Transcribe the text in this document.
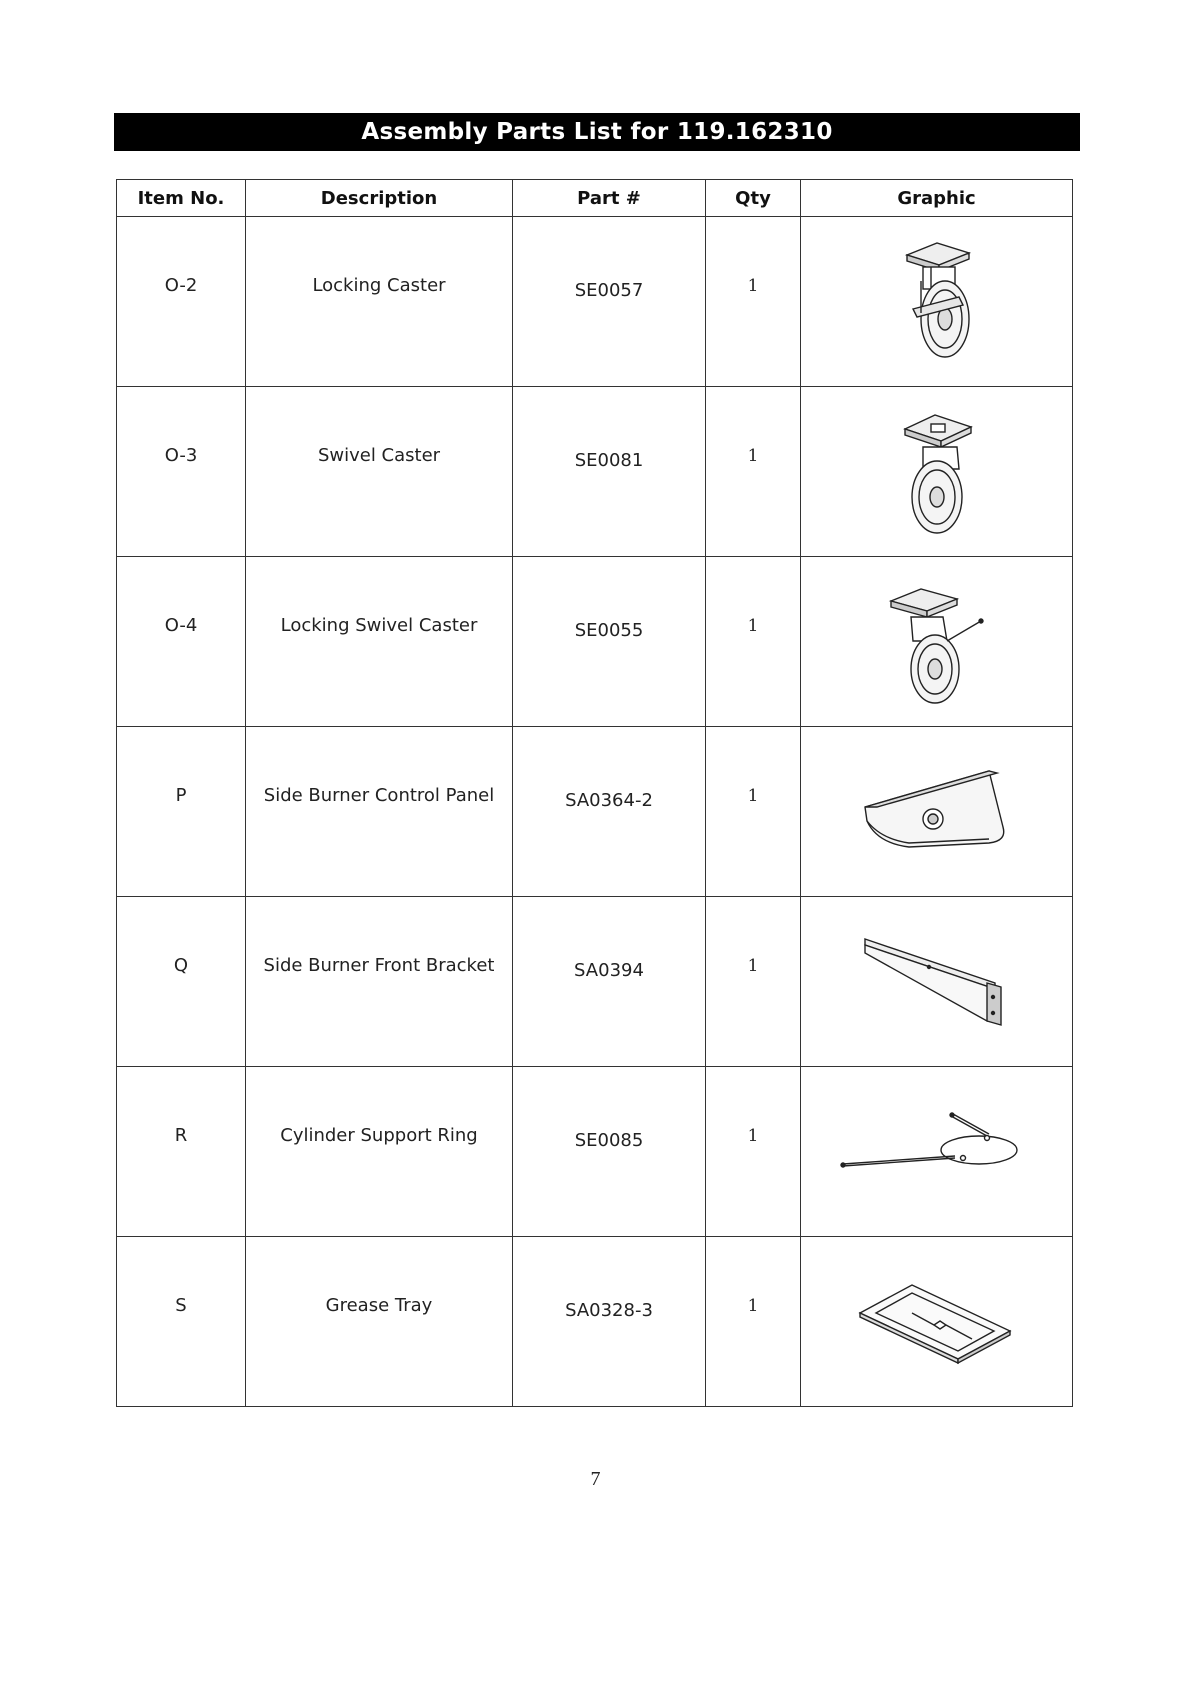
Assembly Parts List for 119.162310
Item No.	Description	Part #	Qty	Graphic
O-2	Locking Caster	SE0057	1	

O-3	Swivel Caster	SE0081	1	

O-4	Locking Swivel Caster	SE0055	1	

P	Side Burner Control Panel	SA0364-2	1	

Q	Side Burner Front Bracket	SA0394	1	

R	Cylinder Support Ring	SE0085	1	

S	Grease Tray	SA0328-3	1	
7
